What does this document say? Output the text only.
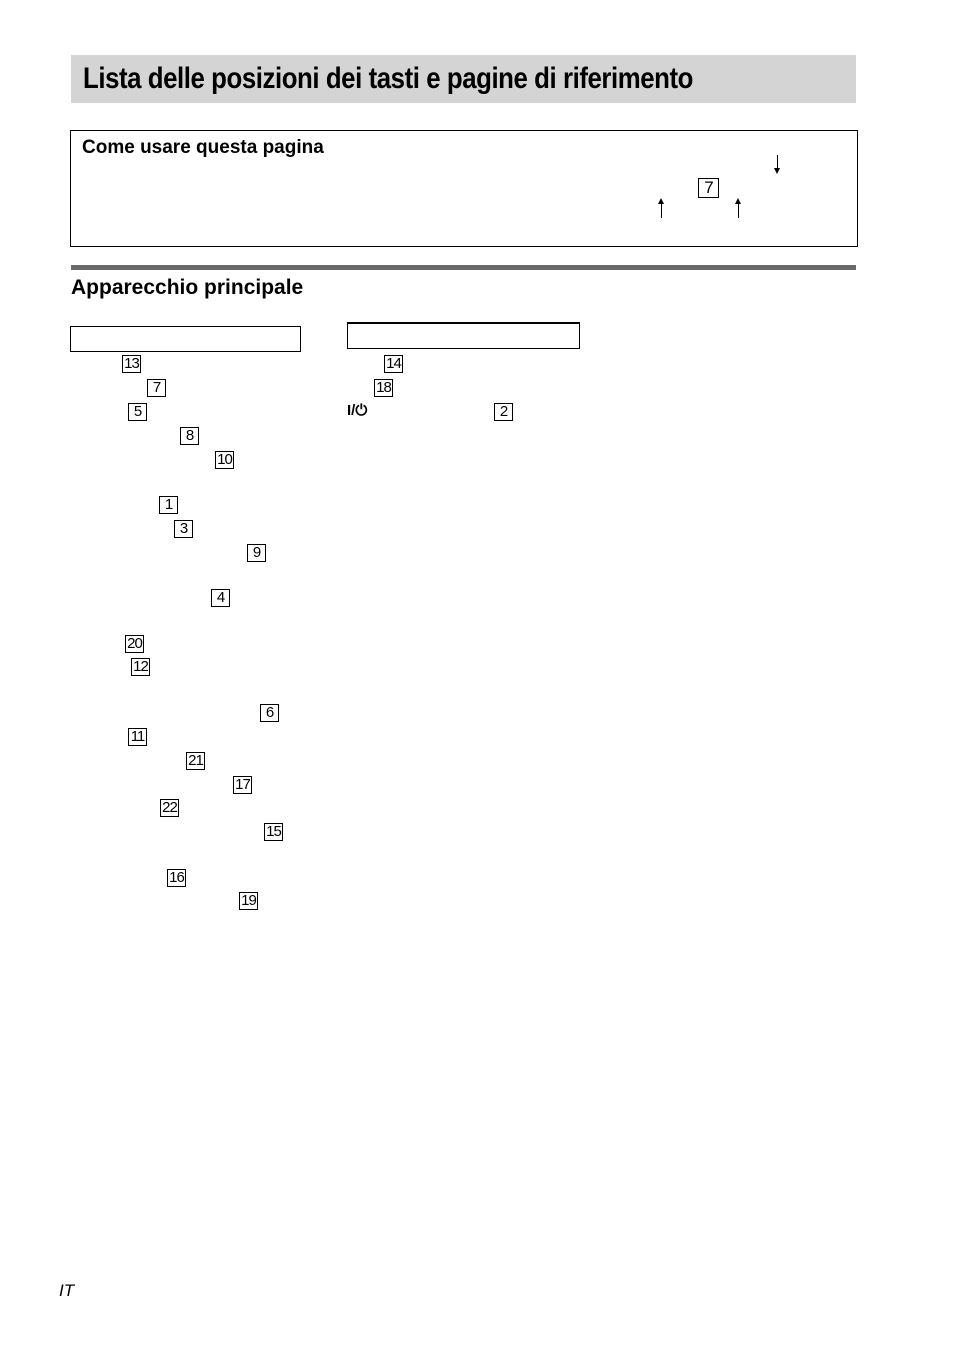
Lista delle posizioni dei tasti e pagine di riferimento
Come usare questa pagina
7
Apparecchio principale
13
7
5
8
10
1
3
9
4
20
12
6
11
21
17
22
15
16
19
14
18
I/⏻	2
IT
